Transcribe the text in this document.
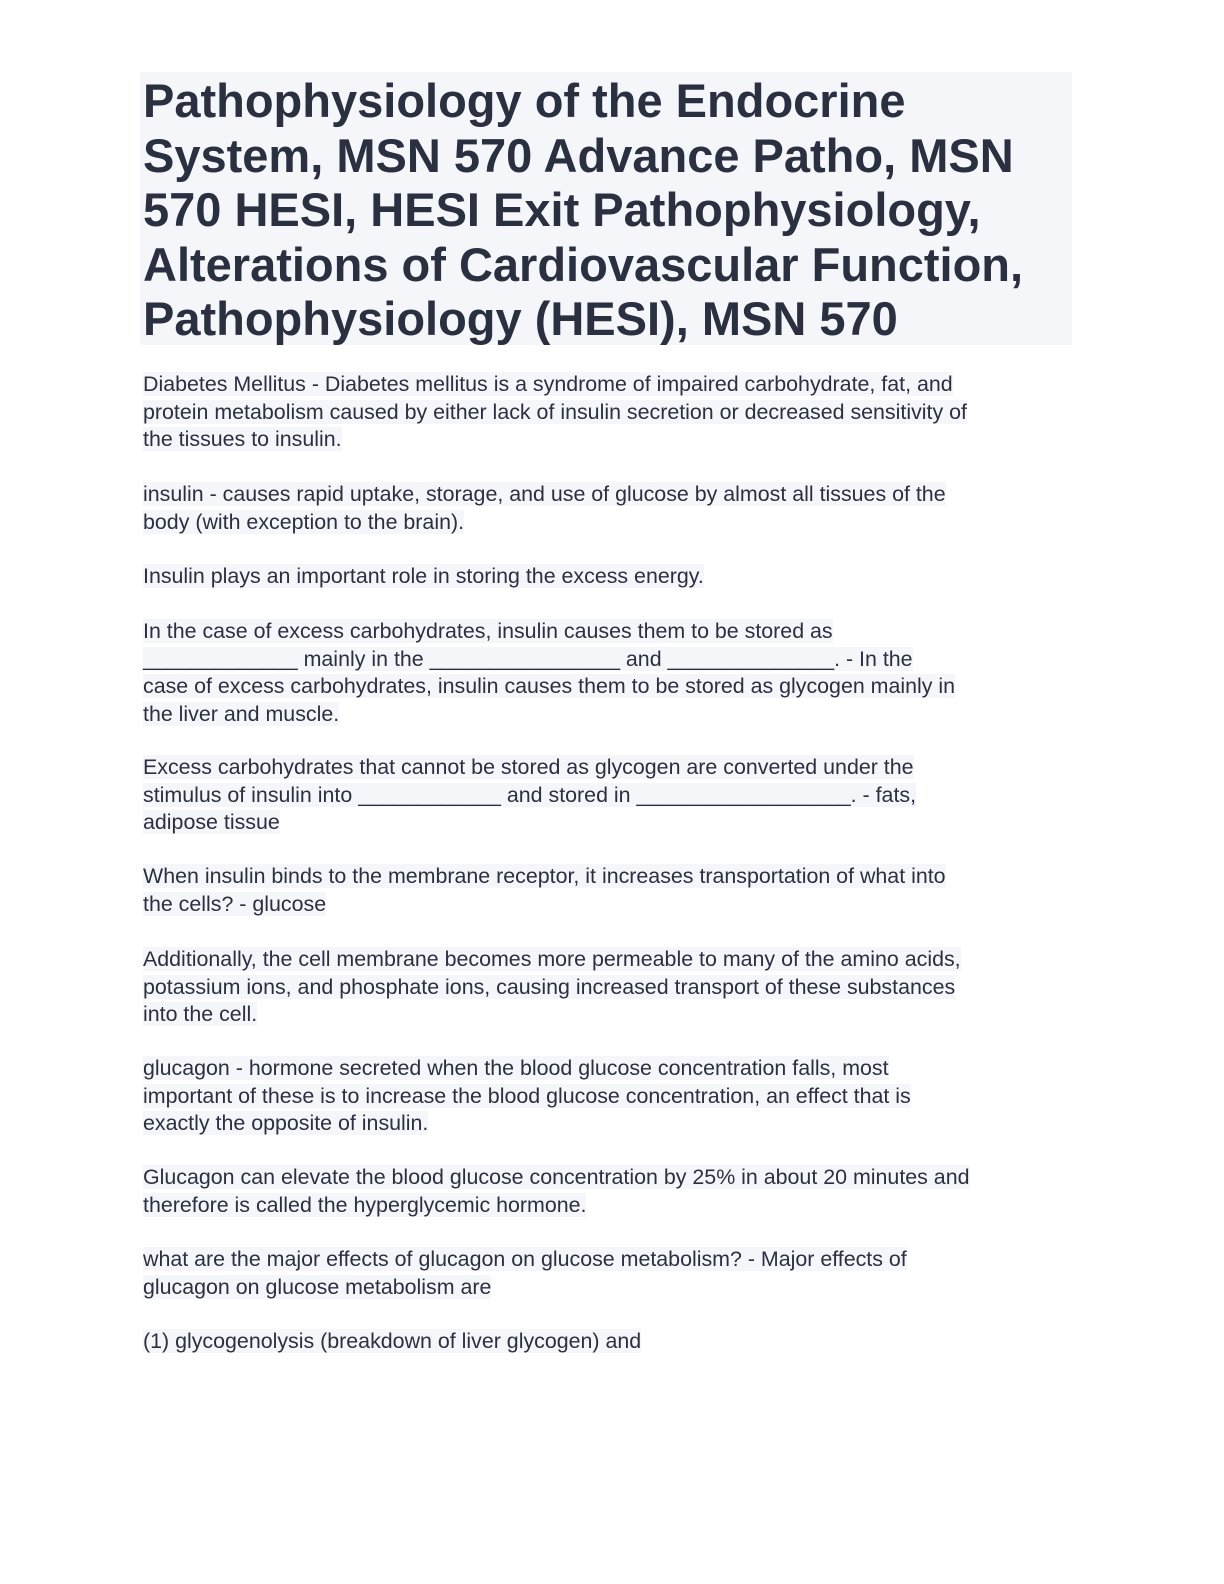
Pathophysiology of the Endocrine
System, MSN 570 Advance Patho, MSN
570 HESI, HESI Exit Pathophysiology,
Alterations of Cardiovascular Function,
Pathophysiology (HESI), MSN 570

Diabetes Mellitus - Diabetes mellitus is a syndrome of impaired carbohydrate, fat, and
protein metabolism caused by either lack of insulin secretion or decreased sensitivity of
the tissues to insulin.

insulin - causes rapid uptake, storage, and use of glucose by almost all tissues of the
body (with exception to the brain).

Insulin plays an important role in storing the excess energy.

In the case of excess carbohydrates, insulin causes them to be stored as
_____________ mainly in the ________________ and ______________. - In the
case of excess carbohydrates, insulin causes them to be stored as glycogen mainly in
the liver and muscle.

Excess carbohydrates that cannot be stored as glycogen are converted under the
stimulus of insulin into ____________ and stored in __________________. - fats,
adipose tissue

When insulin binds to the membrane receptor, it increases transportation of what into
the cells? - glucose

Additionally, the cell membrane becomes more permeable to many of the amino acids,
potassium ions, and phosphate ions, causing increased transport of these substances
into the cell.

glucagon - hormone secreted when the blood glucose concentration falls, most
important of these is to increase the blood glucose concentration, an effect that is
exactly the opposite of insulin.

Glucagon can elevate the blood glucose concentration by 25% in about 20 minutes and
therefore is called the hyperglycemic hormone.

what are the major effects of glucagon on glucose metabolism? - Major effects of
glucagon on glucose metabolism are

(1) glycogenolysis (breakdown of liver glycogen) and
